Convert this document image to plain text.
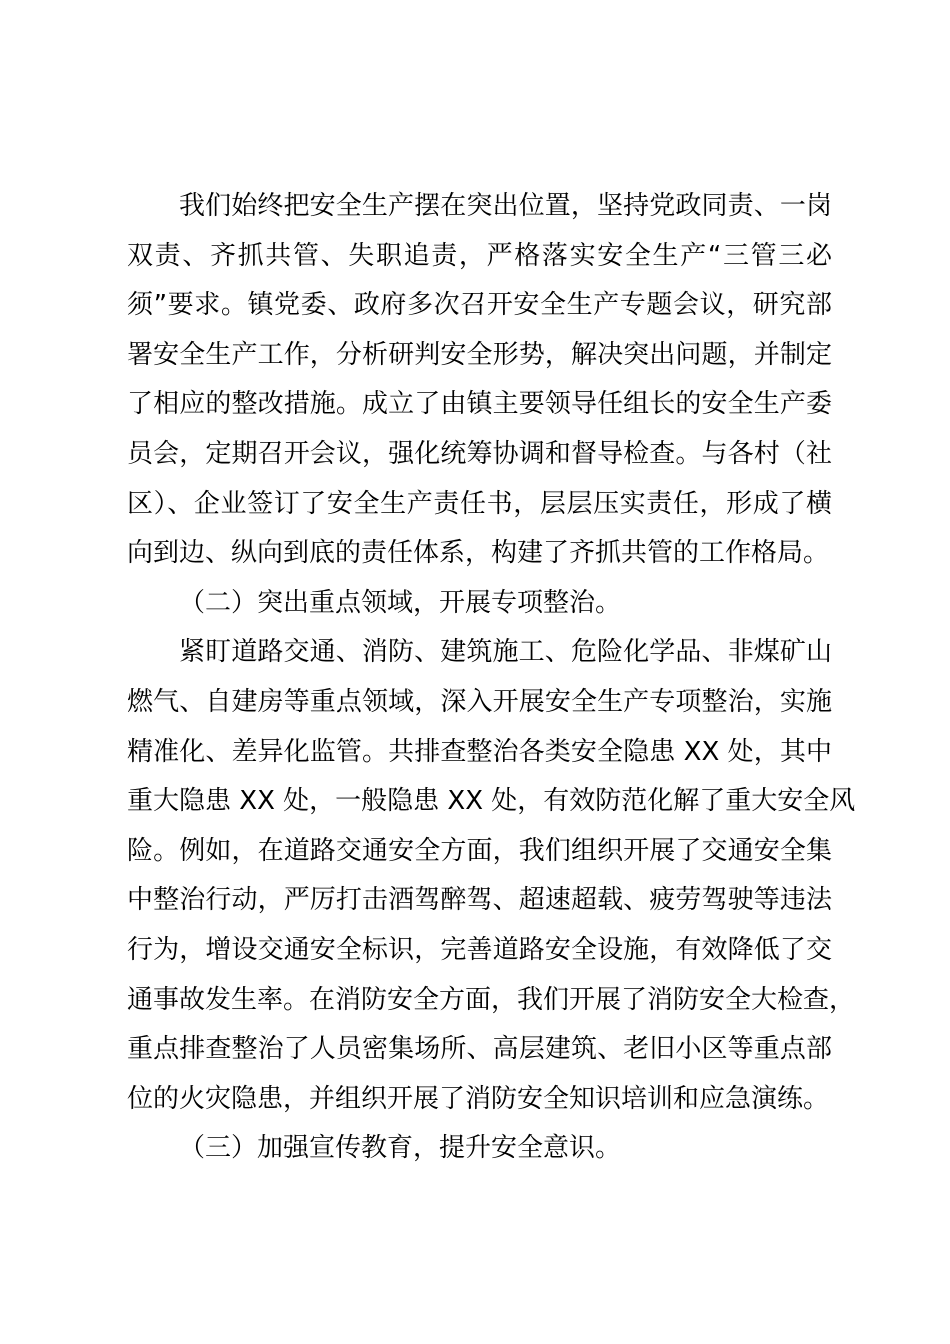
我们始终把安全生产摆在突出位置，坚持党政同责、一岗
双责、齐抓共管、失职追责，严格落实安全生产“三管三必
须”要求。镇党委、政府多次召开安全生产专题会议，研究部
署安全生产工作，分析研判安全形势，解决突出问题，并制定
了相应的整改措施。成立了由镇主要领导任组长的安全生产委
员会，定期召开会议，强化统筹协调和督导检查。与各村（社
区）、企业签订了安全生产责任书，层层压实责任，形成了横
向到边、纵向到底的责任体系，构建了齐抓共管的工作格局。
（二）突出重点领域，开展专项整治。
紧盯道路交通、消防、建筑施工、危险化学品、非煤矿山
燃气、自建房等重点领域，深入开展安全生产专项整治，实施
精准化、差异化监管。共排查整治各类安全隐患 XX 处，其中
重大隐患 XX 处，一般隐患 XX 处，有效防范化解了重大安全风
险。例如，在道路交通安全方面，我们组织开展了交通安全集
中整治行动，严厉打击酒驾醉驾、超速超载、疲劳驾驶等违法
行为，增设交通安全标识，完善道路安全设施，有效降低了交
通事故发生率。在消防安全方面，我们开展了消防安全大检查，
重点排查整治了人员密集场所、高层建筑、老旧小区等重点部
位的火灾隐患，并组织开展了消防安全知识培训和应急演练。
（三）加强宣传教育，提升安全意识。
